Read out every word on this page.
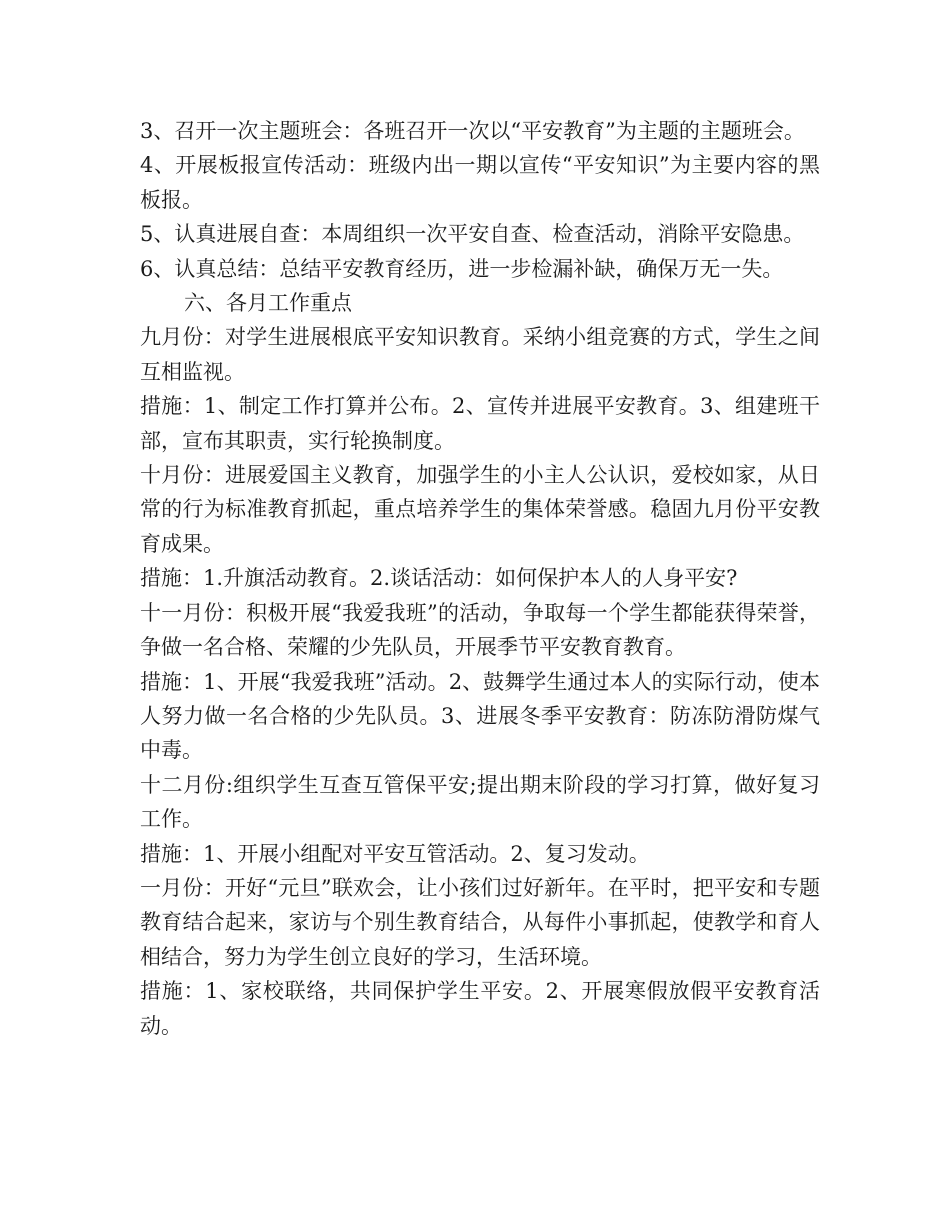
3、召开一次主题班会：各班召开一次以“平安教育”为主题的主题班会。

4、开展板报宣传活动：班级内出一期以宣传“平安知识”为主要内容的黑板报。

5、认真进展自查：本周组织一次平安自查、检查活动，消除平安隐患。

6、认真总结：总结平安教育经历，进一步检漏补缺，确保万无一失。

六、各月工作重点

九月份：对学生进展根底平安知识教育。采纳小组竞赛的方式，学生之间互相监视。

措施：1、制定工作打算并公布。2、宣传并进展平安教育。3、组建班干部，宣布其职责，实行轮换制度。

十月份：进展爱国主义教育，加强学生的小主人公认识，爱校如家，从日常的行为标准教育抓起，重点培养学生的集体荣誉感。稳固九月份平安教育成果。

措施：1.升旗活动教育。2.谈话活动：如何保护本人的人身平安?

十一月份：积极开展“我爱我班”的活动，争取每一个学生都能获得荣誉，争做一名合格、荣耀的少先队员，开展季节平安教育教育。

措施：1、开展“我爱我班”活动。2、鼓舞学生通过本人的实际行动，使本人努力做一名合格的少先队员。3、进展冬季平安教育：防冻防滑防煤气中毒。

十二月份:组织学生互查互管保平安;提出期末阶段的学习打算，做好复习工作。

措施：1、开展小组配对平安互管活动。2、复习发动。

一月份：开好“元旦”联欢会，让小孩们过好新年。在平时，把平安和专题教育结合起来，家访与个别生教育结合，从每件小事抓起，使教学和育人相结合，努力为学生创立良好的学习，生活环境。

措施：1、家校联络，共同保护学生平安。2、开展寒假放假平安教育活动。
